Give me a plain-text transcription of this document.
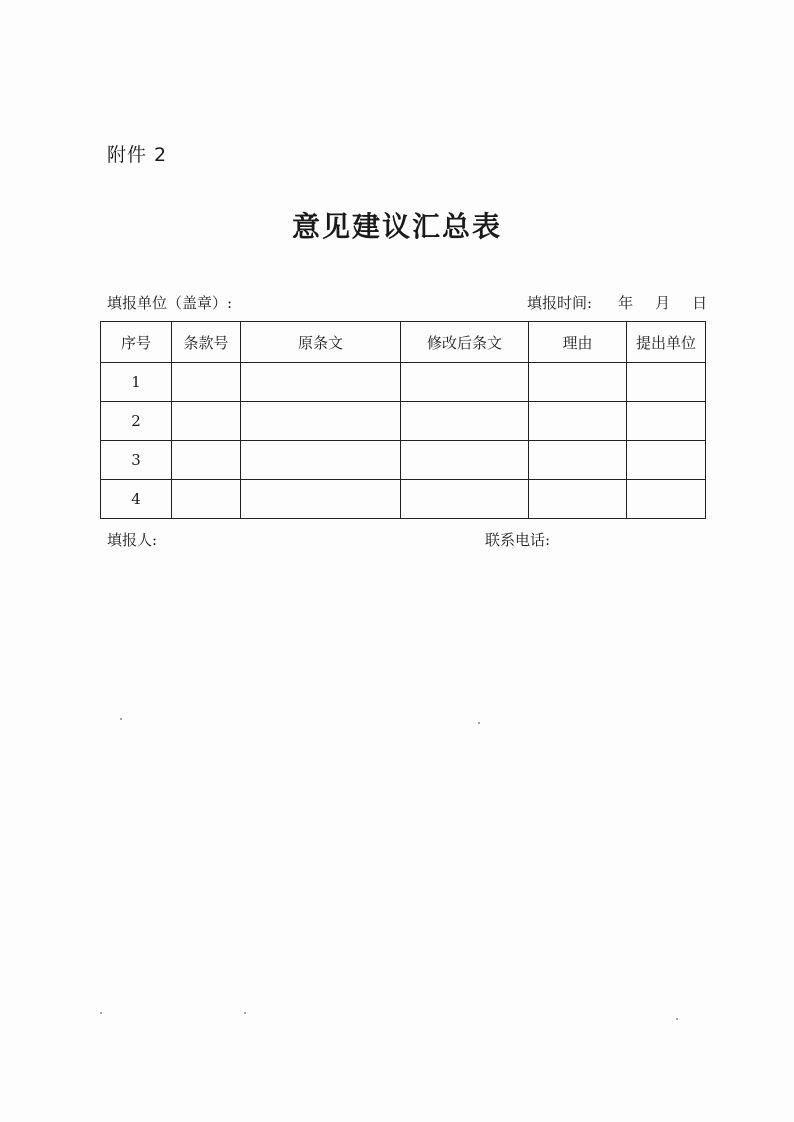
附件 2
意见建议汇总表
填报单位（盖章）:	填报时间: 年 月 日
序号	条款号	原条文	修改后条文	理由	提出单位
1					
2					
3					
4					
填报人:	联系电话:
